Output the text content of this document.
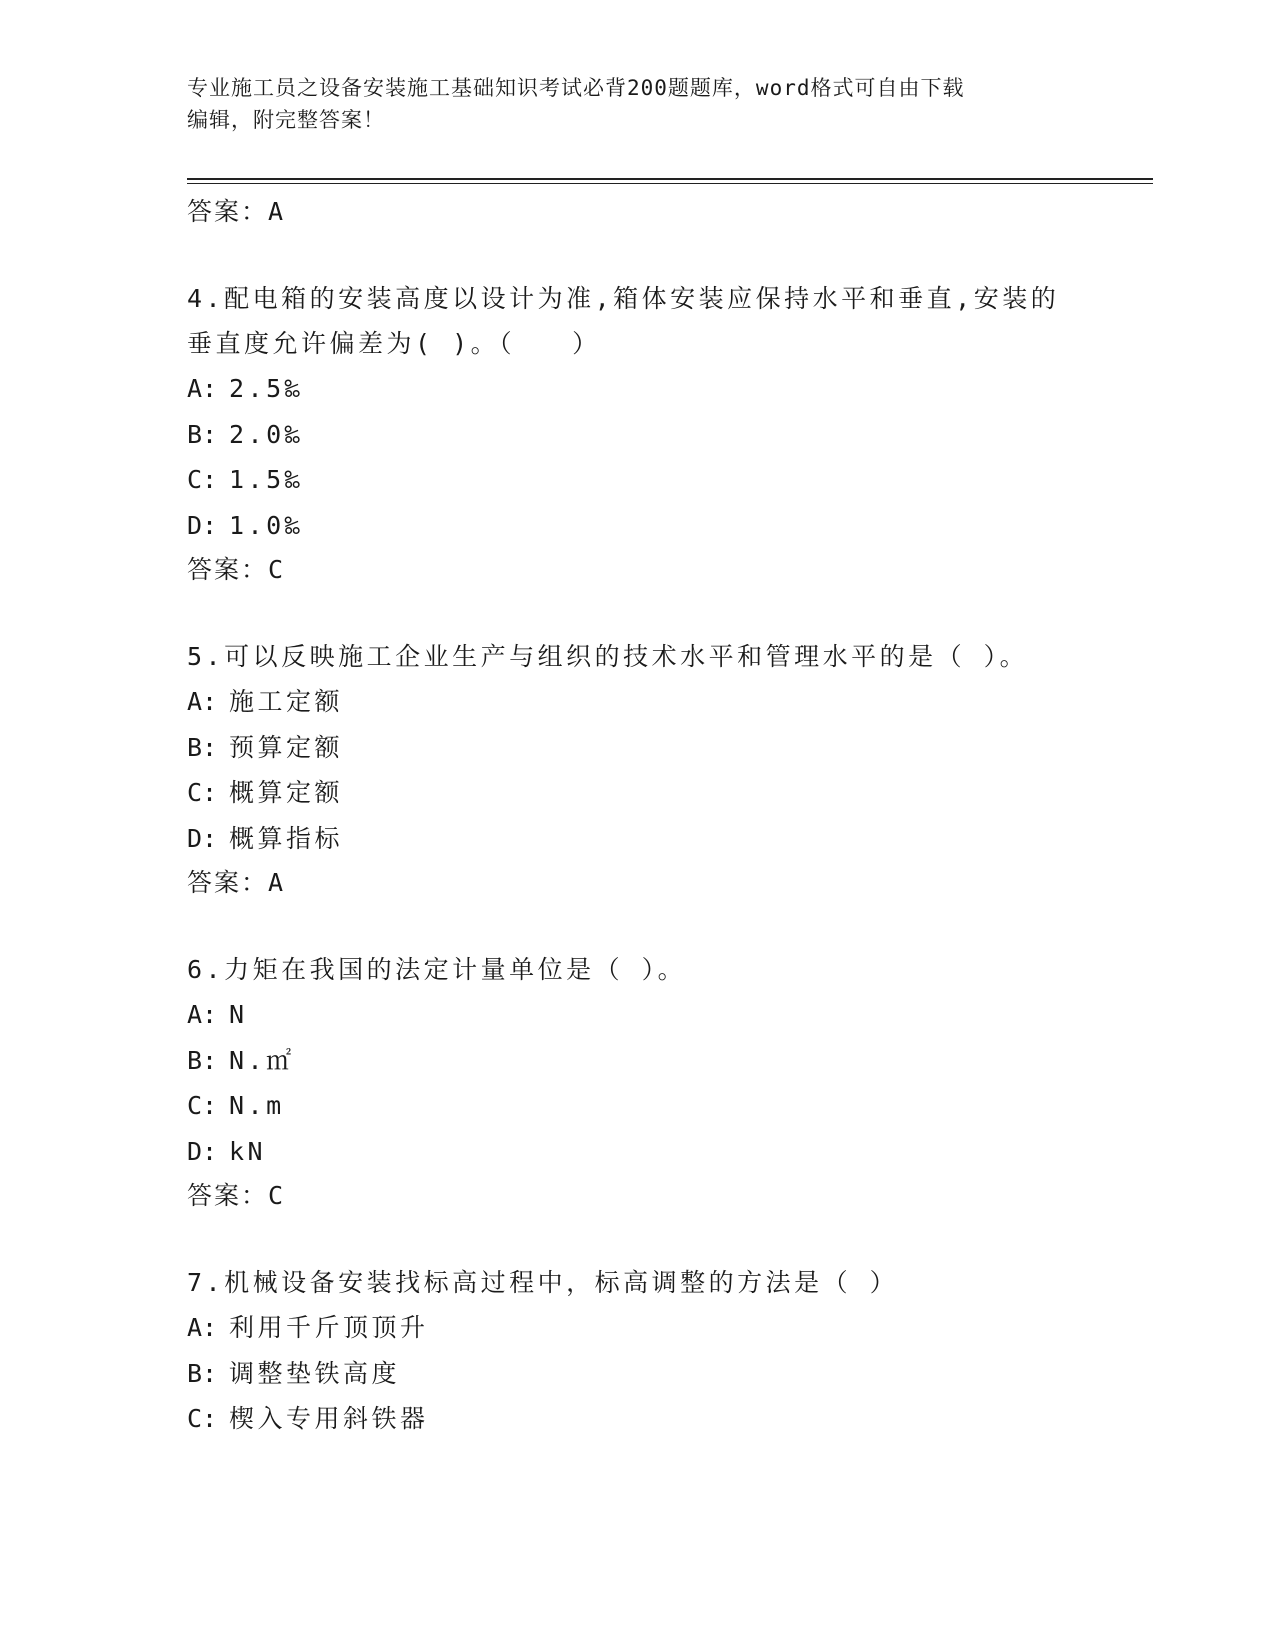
专业施工员之设备安装施工基础知识考试必背200题题库，word格式可自由下载
编辑，附完整答案！
答案：A
4.配电箱的安装高度以设计为准,箱体安装应保持水平和垂直,安装的
垂直度允许偏差为( )。（　　）
A: 2.5‰
B: 2.0‰
C: 1.5‰
D: 1.0‰
答案：C
5.可以反映施工企业生产与组织的技术水平和管理水平的是（ ）。
A: 施工定额
B: 预算定额
C: 概算定额
D: 概算指标
答案：A
6.力矩在我国的法定计量单位是（ ）。
A: N
B: N.㎡
C: N.m
D: kN
答案：C
7.机械设备安装找标高过程中，标高调整的方法是（ ）
A: 利用千斤顶顶升
B: 调整垫铁高度
C: 楔入专用斜铁器
